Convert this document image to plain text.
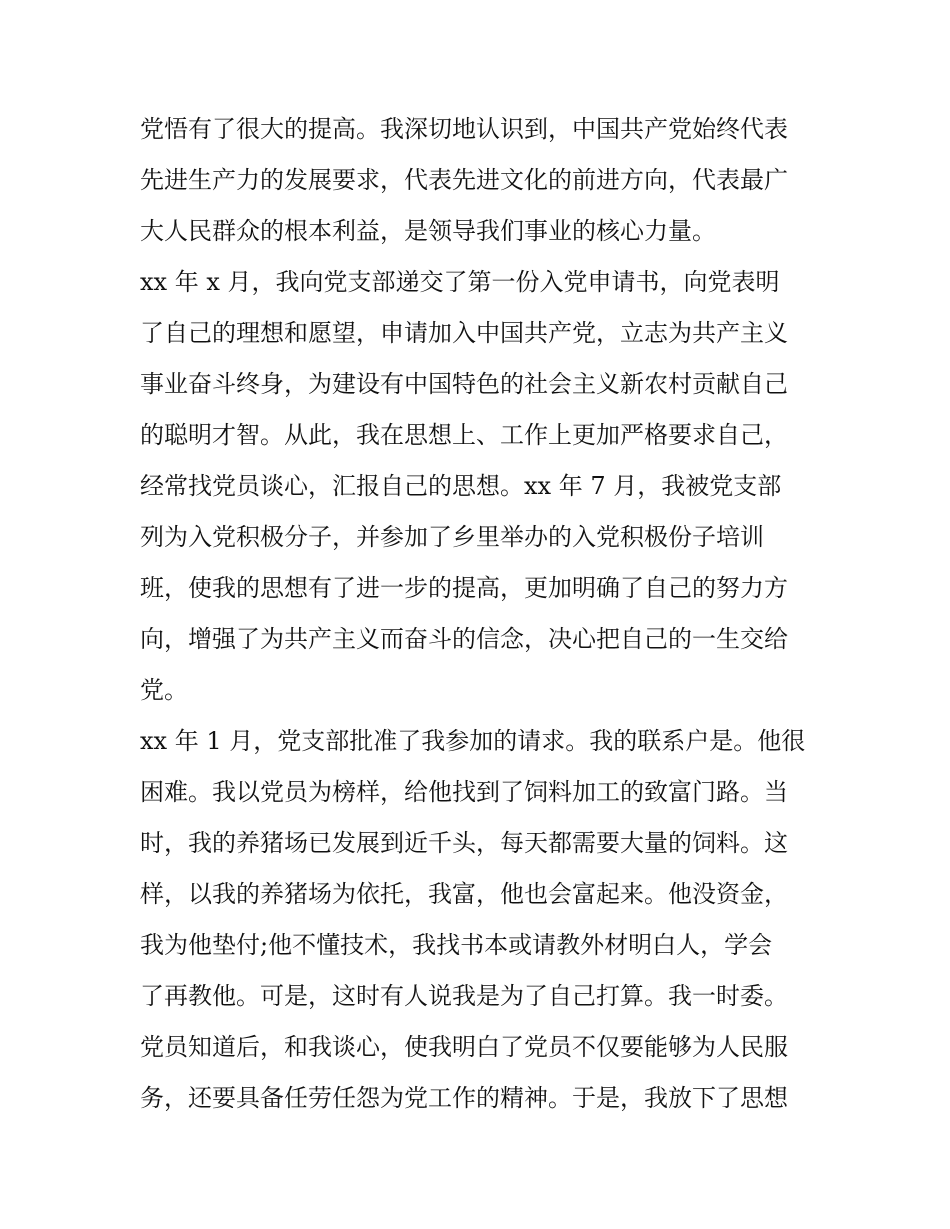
党悟有了很大的提高。我深切地认识到，中国共产党始终代表
先进生产力的发展要求，代表先进文化的前进方向，代表最广
大人民群众的根本利益，是领导我们事业的核心力量。
xx 年 x 月，我向党支部递交了第一份入党申请书，向党表明
了自己的理想和愿望，申请加入中国共产党，立志为共产主义
事业奋斗终身，为建设有中国特色的社会主义新农村贡献自己
的聪明才智。从此，我在思想上、工作上更加严格要求自己，
经常找党员谈心，汇报自己的思想。xx 年 7 月，我被党支部
列为入党积极分子，并参加了乡里举办的入党积极份子培训
班，使我的思想有了进一步的提高，更加明确了自己的努力方
向，增强了为共产主义而奋斗的信念，决心把自己的一生交给
党。
xx 年 1 月，党支部批准了我参加的请求。我的联系户是。他很
困难。我以党员为榜样，给他找到了饲料加工的致富门路。当
时，我的养猪场已发展到近千头，每天都需要大量的饲料。这
样，以我的养猪场为依托，我富，他也会富起来。他没资金，
我为他垫付;他不懂技术，我找书本或请教外材明白人，学会
了再教他。可是，这时有人说我是为了自己打算。我一时委。
党员知道后，和我谈心，使我明白了党员不仅要能够为人民服
务，还要具备任劳任怨为党工作的精神。于是，我放下了思想
